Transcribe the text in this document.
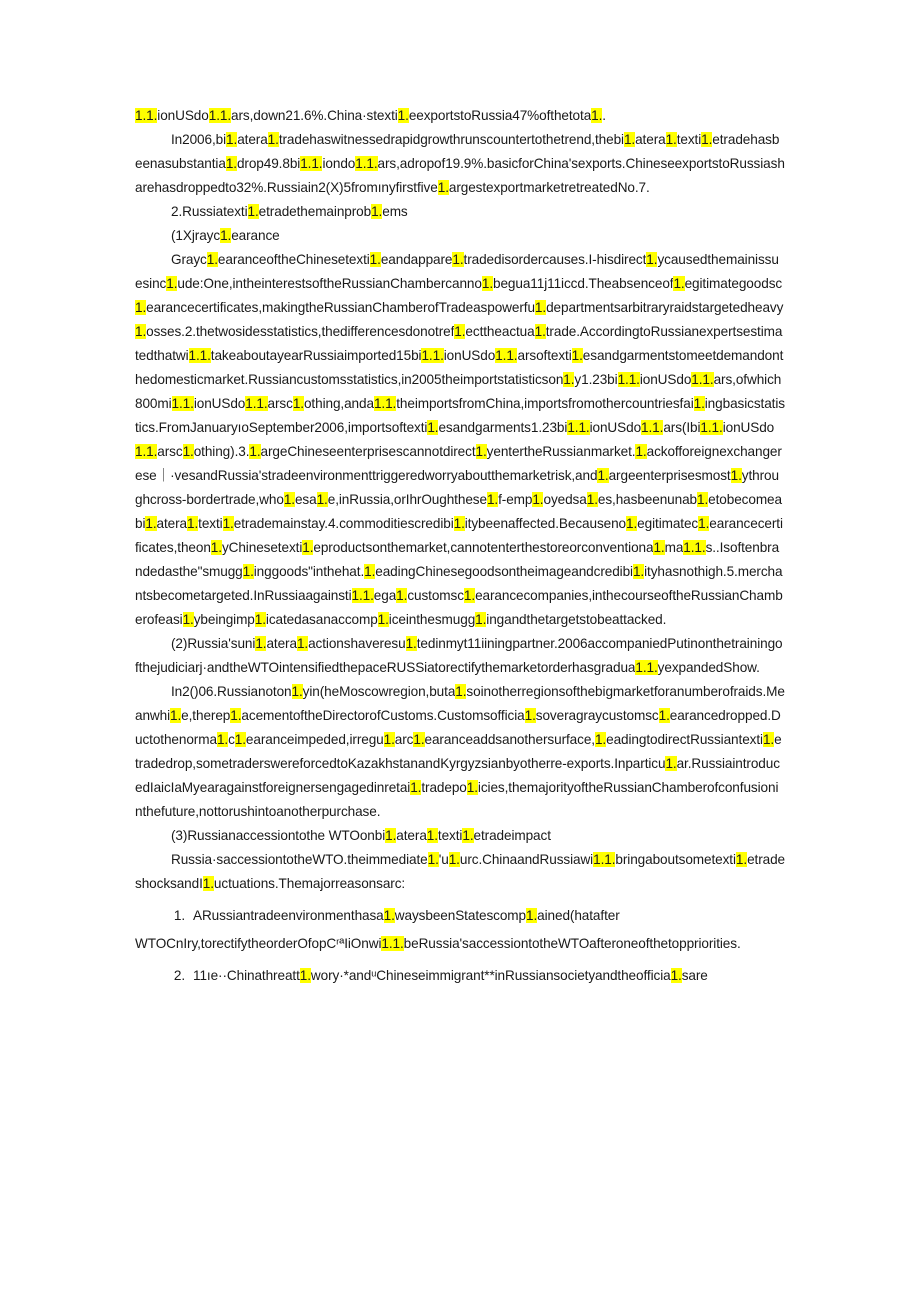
1.1.ionUSdo1.1.ars,down21.6%.China·stexti1.eexportstoRussia47%ofthetota1..

In2006,bi1.atera1.tradehaswitnessedrapidgrowthrunscountertothetrend,thebi1.atera1.texti1.etradehasbeenasubstantia1.drop49.8bi1.1.iondo1.1.ars,adropof19.9%.basicforChina'sexports.ChineseexportstoRussiasharehasdroppedto32%.Russiain2(X)5fromınyfirstfive1.argestexportmarketretreatedNo.7.

2.Russiatexti1.etradethemainprob1.ems

(1Xjrayc1.earance

Grayc1.earanceoftheChinesetexti1.eandappare1.tradedisordercauses.I‑hisdirect1.ycausedthemainissuesinc1.ude:One,intheinterestsoftheRussianChambercanno1.begua11j11iccd.Theabsenceof1.egitimategoodsc1.earancecertificates,makingtheRussianChamberofTradeaspowerfu1.departmentsarbitraryraidstargetedheavy1.osses.2.thetwosidesstatistics,thedifferencesdonotref1.ecttheactua1.trade.AccordingtoRussianexpertsestimatedthatwi1.1.takeaboutayearRussiaimported15bi1.1.ionUSdo1.1.arsoftexti1.esandgarmentstomeetdemandonthedomesticmarket.Russiancustomsstatistics,in2005theimportstatisticson1.y1.23bi1.1.ionUSdo1.1.ars,ofwhich800mi1.1.ionUSdo1.1.arsc1.othing,anda1.1.theimportsfromChina,importsfromothercountriesfai1.ingbasicstatistics.FromJanuaryıoSeptember2006,importsoftexti1.esandgarments1.23bi1.1.ionUSdo1.1.ars(Ibi1.1.ionUSdo1.1.arsc1.othing).3.1.argeChineseenterprisescannotdirect1.yentertheRussianmarket.1.ackofforeignexchangerese｜·vesandRussia'stradeenvironmenttriggeredworryaboutthemarketrisk,and1.argeenterprisesmost1.ythroughcross-bordertrade,who1.esa1.e,inRussia,orIhrOughthese1.f-emp1.oyedsa1.es,hasbeenunab1.etobecomeabi1.atera1.texti1.etrademainstay.4.commoditiescredibi1.itybeenaffected.Becauseno1.egitimatec1.earancecertificates,theon1.yChinesetexti1.eproductsonthemarket,cannotenterthestoreorconventiona1.ma1.1.s..Isoftenbrandedasthe"smugg1.inggoods"inthehat.1.eadingChinesegoodsontheimageandcredibi1.ityhasnothigh.5.merchantsbecometargeted.InRussiaagainsti1.1.ega1.customsc1.earancecompanies,inthecourseoftheRussianChamberofeasi1.ybeingimp1.icatedasanaccomp1.iceinthesmugg1.ingandthetargetstobeattacked.

(2)Russia'suni1.atera1.actionshaveresu1.tedinmyt11iiningpartner.2006accompaniedPutinonthetrainingofthejudiciarj·andtheWTOintensifiedthepaceRUSSiatorectifythemarketorderhasgradua1.1.yexpandedShow.

In2()06.Russianoton1.yin(heMoscowregion,buta1.soinotherregionsofthebigmarketforanumberofraids.Meanwhi1.e,therep1.acementoftheDirectorofCustoms.Customsofficia1.soveragraycustomsc1.earancedropped.Ductothenorma1.c1.earanceimpeded,irregu1.arc1.earanceaddsanothersurface,1.eadingtodirectRussiantexti1.etradedrop,sometraderswereforcedtoKazakhstanandKyrgyzsianbyotherre-exports.Inparticu1.ar.RussiaintroducedIaicIaMyearagainstforeignersengagedinretai1.tradepo1.icies,themajorityoftheRussianChamberofconfusioninthefuture,nottorushintoanotherpurchase.

(3)Russianaccessiontothe WTOonbi1.atera1.texti1.etradeimpact

Russia·saccessiontotheWTO.theimmediate1.'u1.urc.ChinaandRussiawi1.1.bringaboutsometexti1.etradeshocksandI1.uctuations.Themajorreasonsarc:

1. ARussiantradeenvironmenthasa1.waysbeenStatescomp1.ained(hatafter

WTOCnIry,torectifytheorderOfopCʳªIiOnwi1.1.beRussia'saccessiontotheWTOafteroneofthetoppriorities.

2. 11ıe··Chinathreatt1.wory·*andᵘChineseimmigrant**inRussiansocietyandtheofficia1.sare
